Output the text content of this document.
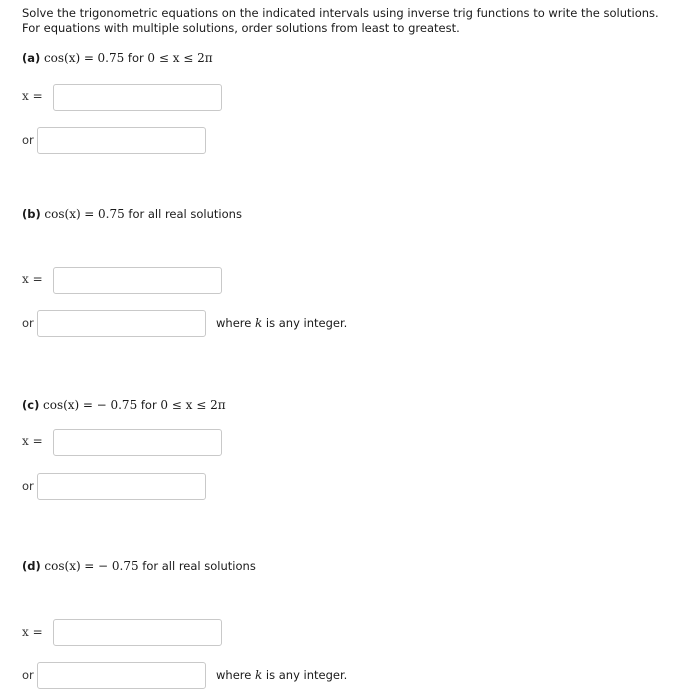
Solve the trigonometric equations on the indicated intervals using inverse trig functions to write the solutions.
For equations with multiple solutions, order solutions from least to greatest.
(a) cos(x) = 0.75 for 0 ≤ x ≤ 2π
x =
or
(b) cos(x) = 0.75 for all real solutions
x =
or	where k is any integer.
(c) cos(x) = − 0.75 for 0 ≤ x ≤ 2π
x =
or
(d) cos(x) = − 0.75 for all real solutions
x =
or	where k is any integer.
